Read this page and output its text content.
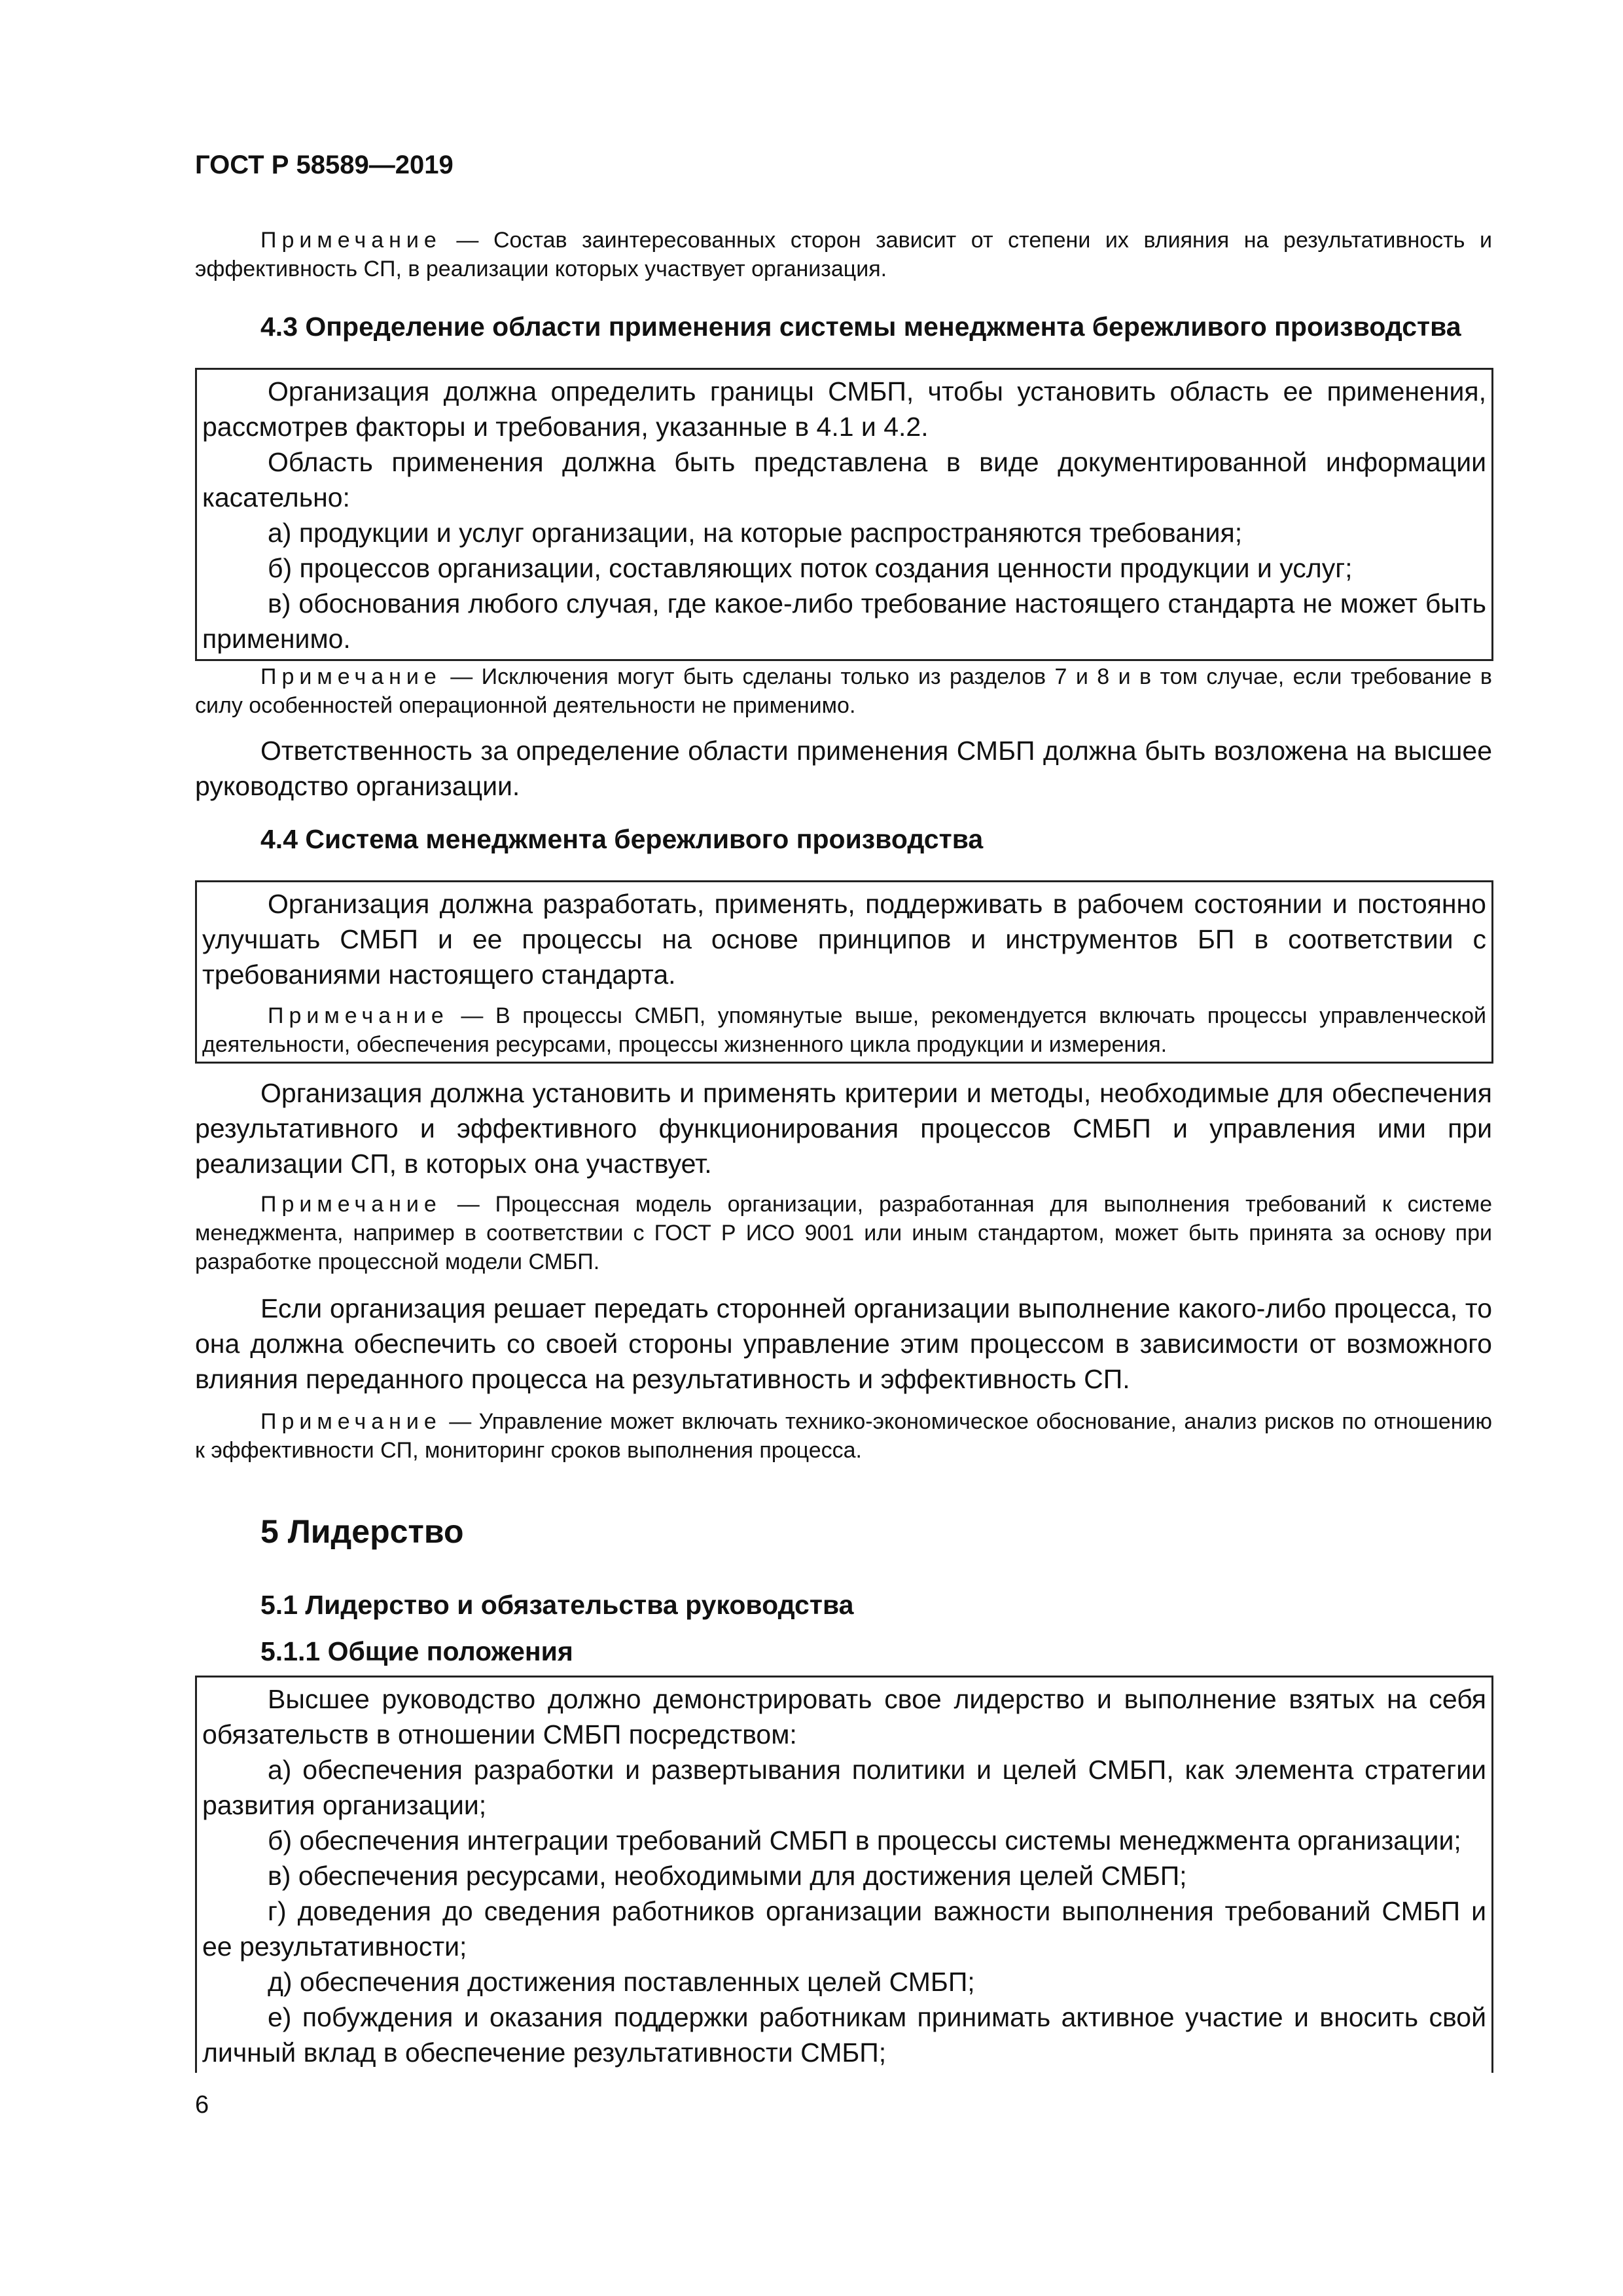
ГОСТ Р 58589—2019

Примечание — Состав заинтересованных сторон зависит от степени их влияния на результативность и эффективность СП, в реализации которых участвует организация.

4.3 Определение области применения системы менеджмента бережливого производства

Организация должна определить границы СМБП, чтобы установить область ее применения, рассмотрев факторы и требования, указанные в 4.1 и 4.2.

Область применения должна быть представлена в виде документированной информации касательно:

а) продукции и услуг организации, на которые распространяются требования;

б) процессов организации, составляющих поток создания ценности продукции и услуг;

в) обоснования любого случая, где какое-либо требование настоящего стандарта не может быть применимо.

Примечание — Исключения могут быть сделаны только из разделов 7 и 8 и в том случае, если требование в силу особенностей операционной деятельности не применимо.

Ответственность за определение области применения СМБП должна быть возложена на высшее руководство организации.

4.4 Система менеджмента бережливого производства

Организация должна разработать, применять, поддерживать в рабочем состоянии и постоянно улучшать СМБП и ее процессы на основе принципов и инструментов БП в соответствии с требованиями настоящего стандарта.

Примечание — В процессы СМБП, упомянутые выше, рекомендуется включать процессы управленческой деятельности, обеспечения ресурсами, процессы жизненного цикла продукции и измерения.

Организация должна установить и применять критерии и методы, необходимые для обеспечения результативного и эффективного функционирования процессов СМБП и управления ими при реализации СП, в которых она участвует.

Примечание — Процессная модель организации, разработанная для выполнения требований к системе менеджмента, например в соответствии с ГОСТ Р ИСО 9001 или иным стандартом, может быть принята за основу при разработке процессной модели СМБП.

Если организация решает передать сторонней организации выполнение какого-либо процесса, то она должна обеспечить со своей стороны управление этим процессом в зависимости от возможного влияния переданного процесса на результативность и эффективность СП.

Примечание — Управление может включать технико-экономическое обоснование, анализ рисков по отношению к эффективности СП, мониторинг сроков выполнения процесса.

5 Лидерство

5.1 Лидерство и обязательства руководства

5.1.1 Общие положения

Высшее руководство должно демонстрировать свое лидерство и выполнение взятых на себя обязательств в отношении СМБП посредством:

а) обеспечения разработки и развертывания политики и целей СМБП, как элемента стратегии развития организации;

б) обеспечения интеграции требований СМБП в процессы системы менеджмента организации;

в) обеспечения ресурсами, необходимыми для достижения целей СМБП;

г) доведения до сведения работников организации важности выполнения требований СМБП и ее результативности;

д) обеспечения достижения поставленных целей СМБП;

е) побуждения и оказания поддержки работникам принимать активное участие и вносить свой личный вклад в обеспечение результативности СМБП;

6
